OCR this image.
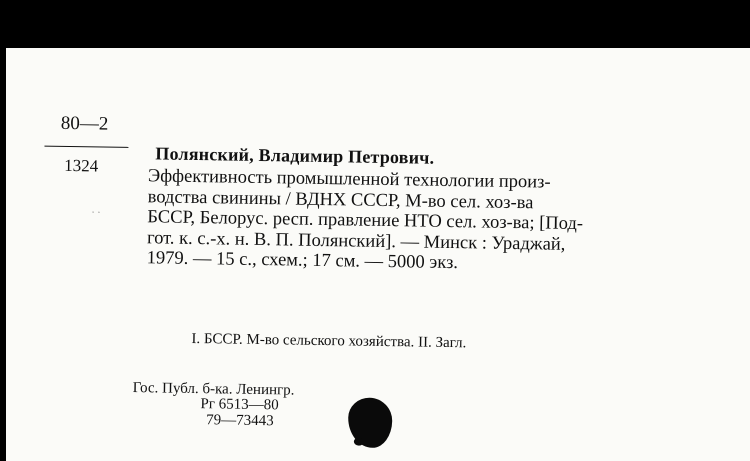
80—2
1324
· ·
Полянский, Владимир Петрович.
Эффективность промышленной технологии произ-
водства свинины / ВДНХ СССР, М-во сел. хоз-ва
БССР, Белорус. респ. правление НТО сел. хоз-ва; [Под-
гот. к. с.-х. н. В. П. Полянский]. — Минск : Ураджай,
1979. — 15 с., схем.; 17 см. — 5000 экз.
I. БССР. М-во сельского хозяйства. II. Загл.
Гос. Публ. б-ка. Ленингр.
Рг 6513—80
79—73443
